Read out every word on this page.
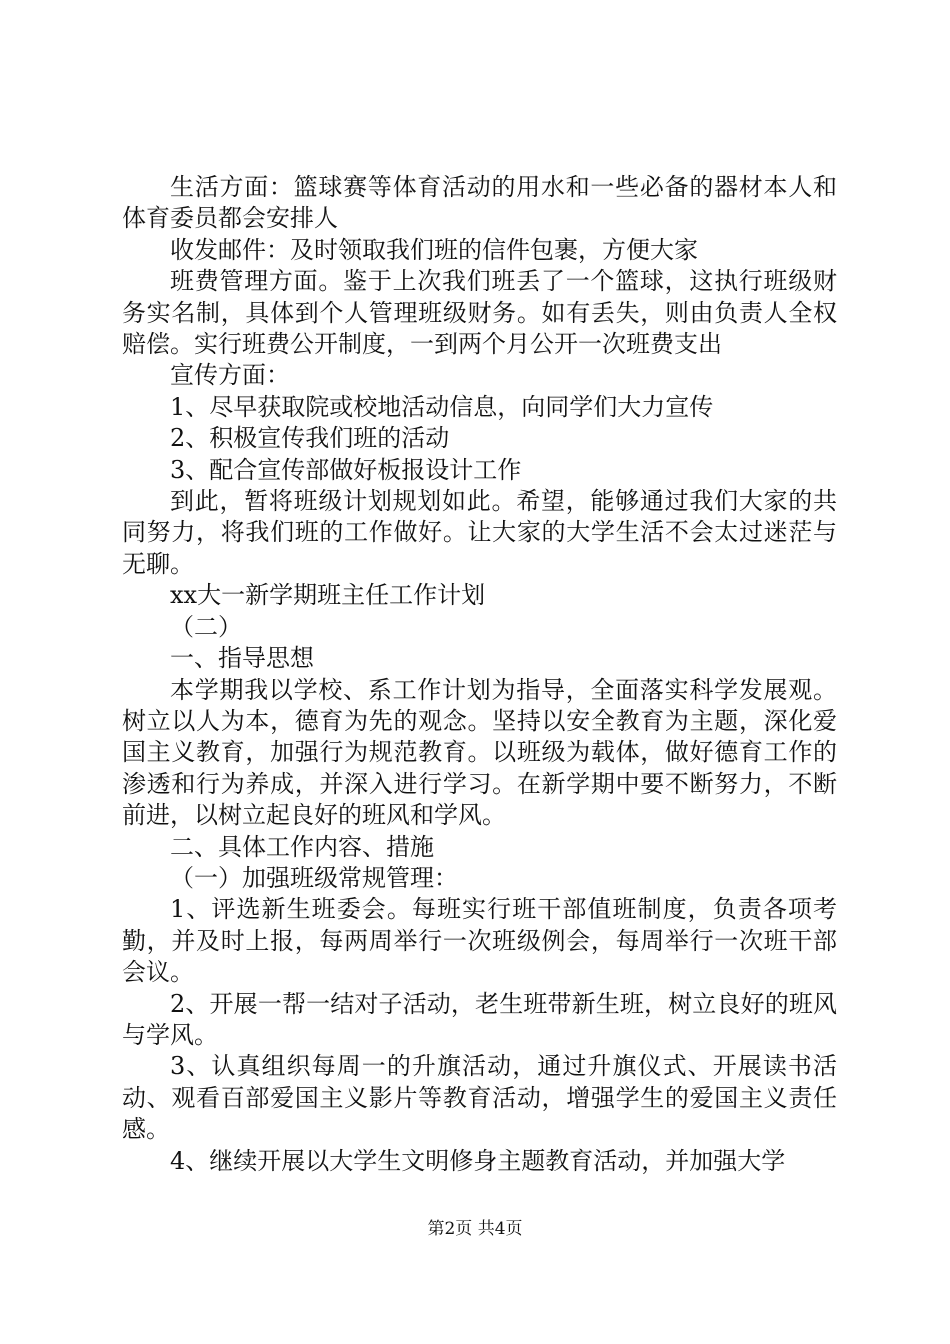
生活方面：篮球赛等体育活动的用水和一些必备的器材本人和体育委员都会安排人

收发邮件：及时领取我们班的信件包裹，方便大家

班费管理方面。鉴于上次我们班丢了一个篮球，这执行班级财务实名制，具体到个人管理班级财务。如有丢失，则由负责人全权赔偿。实行班费公开制度，一到两个月公开一次班费支出

宣传方面：

1、尽早获取院或校地活动信息，向同学们大力宣传

2、积极宣传我们班的活动

3、配合宣传部做好板报设计工作

到此，暂将班级计划规划如此。希望，能够通过我们大家的共同努力，将我们班的工作做好。让大家的大学生活不会太过迷茫与无聊。

xx大一新学期班主任工作计划

（二）

一、指导思想

本学期我以学校、系工作计划为指导，全面落实科学发展观。树立以人为本，德育为先的观念。坚持以安全教育为主题，深化爱国主义教育，加强行为规范教育。以班级为载体，做好德育工作的渗透和行为养成，并深入进行学习。在新学期中要不断努力，不断前进，以树立起良好的班风和学风。

二、具体工作内容、措施

（一）加强班级常规管理：

1、评选新生班委会。每班实行班干部值班制度，负责各项考勤，并及时上报，每两周举行一次班级例会，每周举行一次班干部会议。

2、开展一帮一结对子活动，老生班带新生班，树立良好的班风与学风。

3、认真组织每周一的升旗活动，通过升旗仪式、开展读书活动、观看百部爱国主义影片等教育活动，增强学生的爱国主义责任感。

4、继续开展以大学生文明修身主题教育活动，并加强大学

第2页 共4页
